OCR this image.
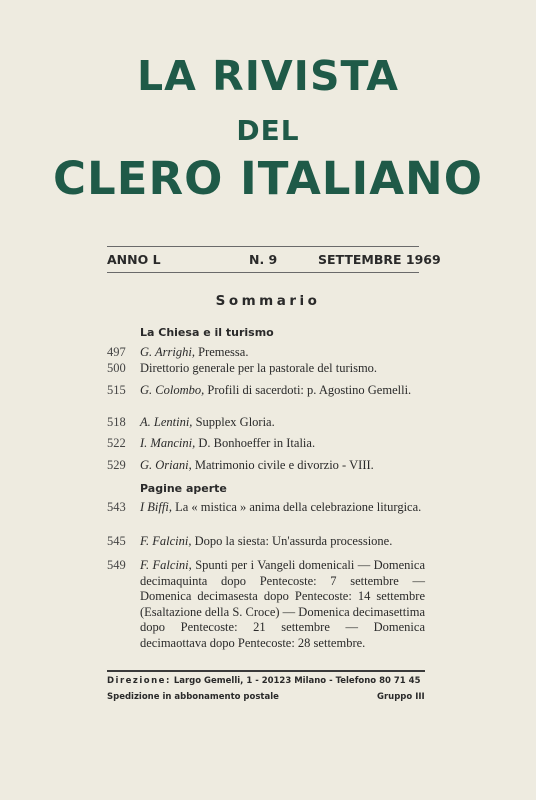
LA RIVISTA
DEL
CLERO ITALIANO
ANNO L	N. 9	SETTEMBRE 1969
Sommario
La Chiesa e il turismo
497	G. Arrighi, Premessa.
500	Direttorio generale per la pastorale del turismo.
515	G. Colombo, Profili di sacerdoti: p. Agostino Gemelli.
518	A. Lentini, Supplex Gloria.
522	I. Mancini, D. Bonhoeffer in Italia.
529	G. Oriani, Matrimonio civile e divorzio - VIII.
Pagine aperte
543	I Biffi, La « mistica » anima della celebrazione liturgica.
545	F. Falcini, Dopo la siesta: Un'assurda processione.
549	F. Falcini, Spunti per i Vangeli domenicali — Domenica decimaquinta dopo Pentecoste: 7 settembre — Domenica decimasesta dopo Pentecoste: 14 settembre (Esaltazione della S. Croce) — Domenica decimasettima dopo Pentecoste: 21 settembre — Domenica decimaottava dopo Pentecoste: 28 settembre.
Direzione: Largo Gemelli, 1 - 20123 Milano - Telefono 80 71 45
Spedizione in abbonamento postale	Gruppo III
